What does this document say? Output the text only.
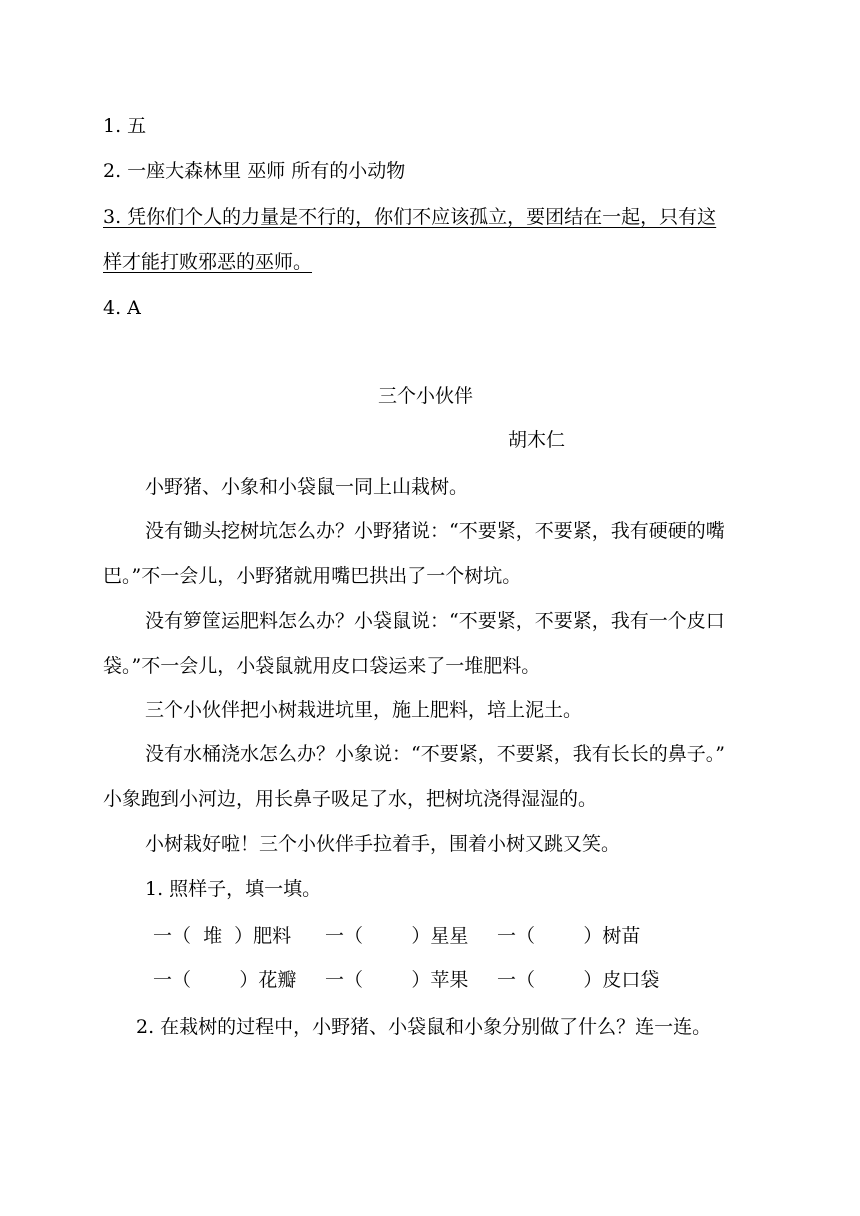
1. 五
2. 一座大森林里 巫师 所有的小动物
3. 凭你们个人的力量是不行的，你们不应该孤立，要团结在一起，只有这
样才能打败邪恶的巫师。
4. A
三个小伙伴
胡木仁
小野猪、小象和小袋鼠一同上山栽树。
没有锄头挖树坑怎么办？小野猪说：“不要紧，不要紧，我有硬硬的嘴
巴。”不一会儿，小野猪就用嘴巴拱出了一个树坑。
没有箩筐运肥料怎么办？小袋鼠说：“不要紧，不要紧，我有一个皮口
袋。”不一会儿，小袋鼠就用皮口袋运来了一堆肥料。
三个小伙伴把小树栽进坑里，施上肥料，培上泥土。
没有水桶浇水怎么办？小象说：“不要紧，不要紧，我有长长的鼻子。”
小象跑到小河边，用长鼻子吸足了水，把树坑浇得湿湿的。
小树栽好啦！三个小伙伴手拉着手，围着小树又跳又笑。
1. 照样子，填一填。
一（  堆  ）肥料 一（        ）星星 一（        ）树苗
一（        ）花瓣 一（        ）苹果 一（        ）皮口袋
2. 在栽树的过程中，小野猪、小袋鼠和小象分别做了什么？连一连。
